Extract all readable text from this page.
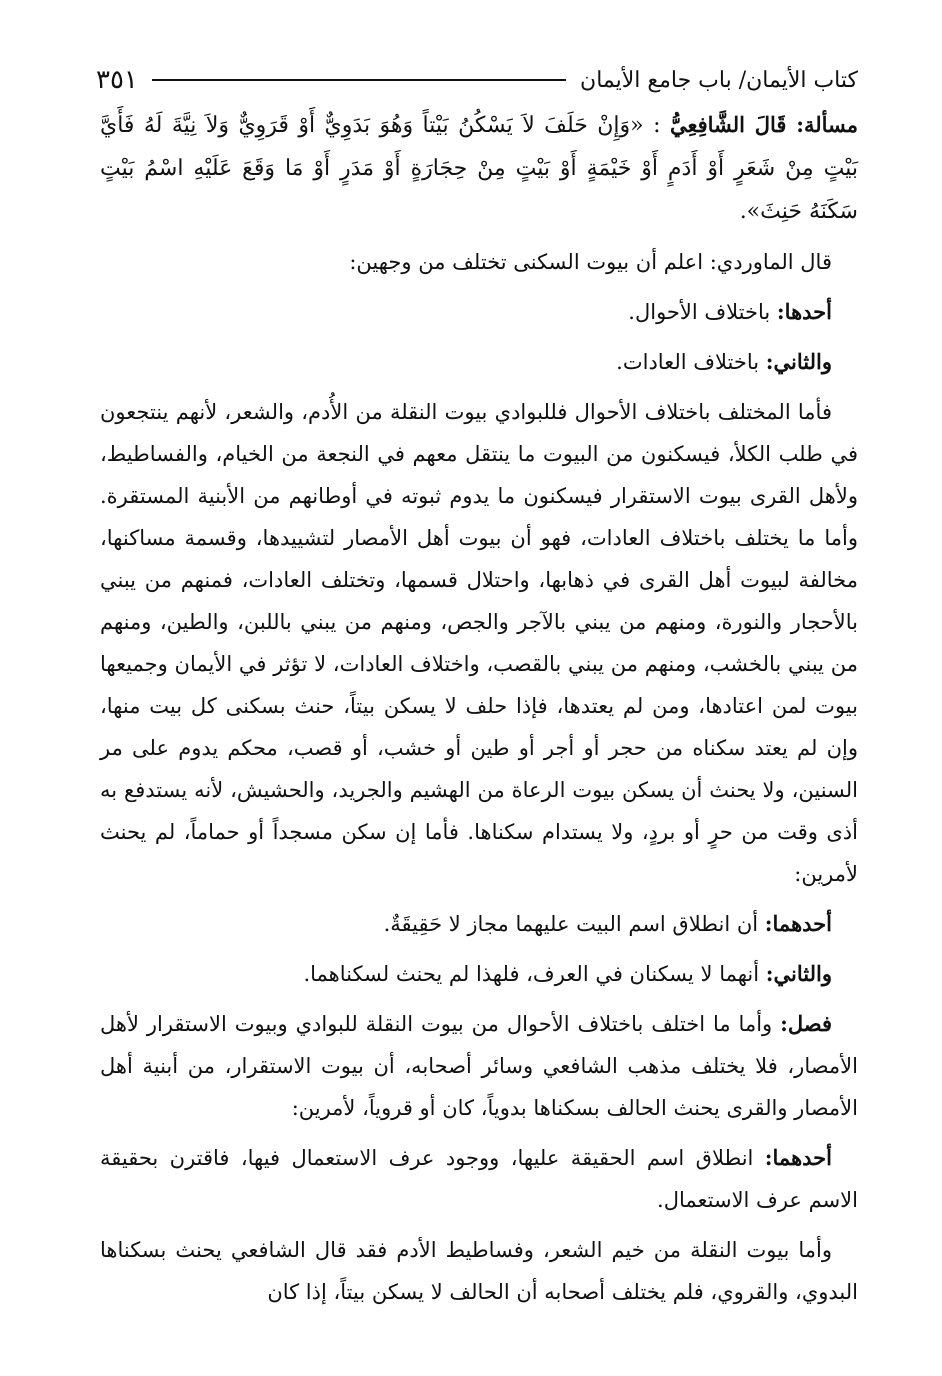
كتاب الأيمان/ باب جامع الأيمان
٣٥١

مسألة: قَالَ الشَّافِعِيُّ : «وَإِنْ حَلَفَ لاَ يَسْكُنُ بَيْتاً وَهُوَ بَدَوِيٌّ أَوْ قَرَوِيٌّ وَلاَ نِيَّةَ لَهُ فَأَيَّ بَيْتٍ مِنْ شَعَرٍ أَوْ أَدَمٍ أَوْ خَيْمَةٍ أَوْ بَيْتٍ مِنْ حِجَارَةٍ أَوْ مَدَرٍ أَوْ مَا وَقَعَ عَلَيْهِ اسْمُ بَيْتٍ سَكَنَهُ حَنِثَ».

قال الماوردي: اعلم أن بيوت السكنى تختلف من وجهين:

أحدها: باختلاف الأحوال.

والثاني: باختلاف العادات.

فأما المختلف باختلاف الأحوال فللبوادي بيوت النقلة من الأُدم، والشعر، لأنهم ينتجعون في طلب الكلأ، فيسكنون من البيوت ما ينتقل معهم في النجعة من الخيام، والفساطيط، ولأهل القرى بيوت الاستقرار فيسكنون ما يدوم ثبوته في أوطانهم من الأبنية المستقرة. وأما ما يختلف باختلاف العادات، فهو أن بيوت أهل الأمصار لتشييدها، وقسمة مساكنها، مخالفة لبيوت أهل القرى في ذهابها، واحتلال قسمها، وتختلف العادات، فمنهم من يبني بالأحجار والنورة، ومنهم من يبني بالآجر والجص، ومنهم من يبني باللبن، والطين، ومنهم من يبني بالخشب، ومنهم من يبني بالقصب، واختلاف العادات، لا تؤثر في الأيمان وجميعها بيوت لمن اعتادها، ومن لم يعتدها، فإذا حلف لا يسكن بيتاً، حنث بسكنى كل بيت منها، وإن لم يعتد سكناه من حجر أو أجر أو طين أو خشب، أو قصب، محكم يدوم على مر السنين، ولا يحنث أن يسكن بيوت الرعاة من الهشيم والجريد، والحشيش، لأنه يستدفع به أذى وقت من حرٍ أو بردٍ، ولا يستدام سكناها. فأما إن سكن مسجداً أو حماماً، لم يحنث لأمرين:

أحدهما: أن انطلاق اسم البيت عليهما مجاز لا حَقِيقَةٌ.

والثاني: أنهما لا يسكنان في العرف، فلهذا لم يحنث لسكناهما.

فصل: وأما ما اختلف باختلاف الأحوال من بيوت النقلة للبوادي وبيوت الاستقرار لأهل الأمصار، فلا يختلف مذهب الشافعي وسائر أصحابه، أن بيوت الاستقرار، من أبنية أهل الأمصار والقرى يحنث الحالف بسكناها بدوياً، كان أو قروياً، لأمرين:

أحدهما: انطلاق اسم الحقيقة عليها، ووجود عرف الاستعمال فيها، فاقترن بحقيقة الاسم عرف الاستعمال.

وأما بيوت النقلة من خيم الشعر، وفساطيط الأدم فقد قال الشافعي يحنث بسكناها البدوي، والقروي، فلم يختلف أصحابه أن الحالف لا يسكن بيتاً، إذا كان
